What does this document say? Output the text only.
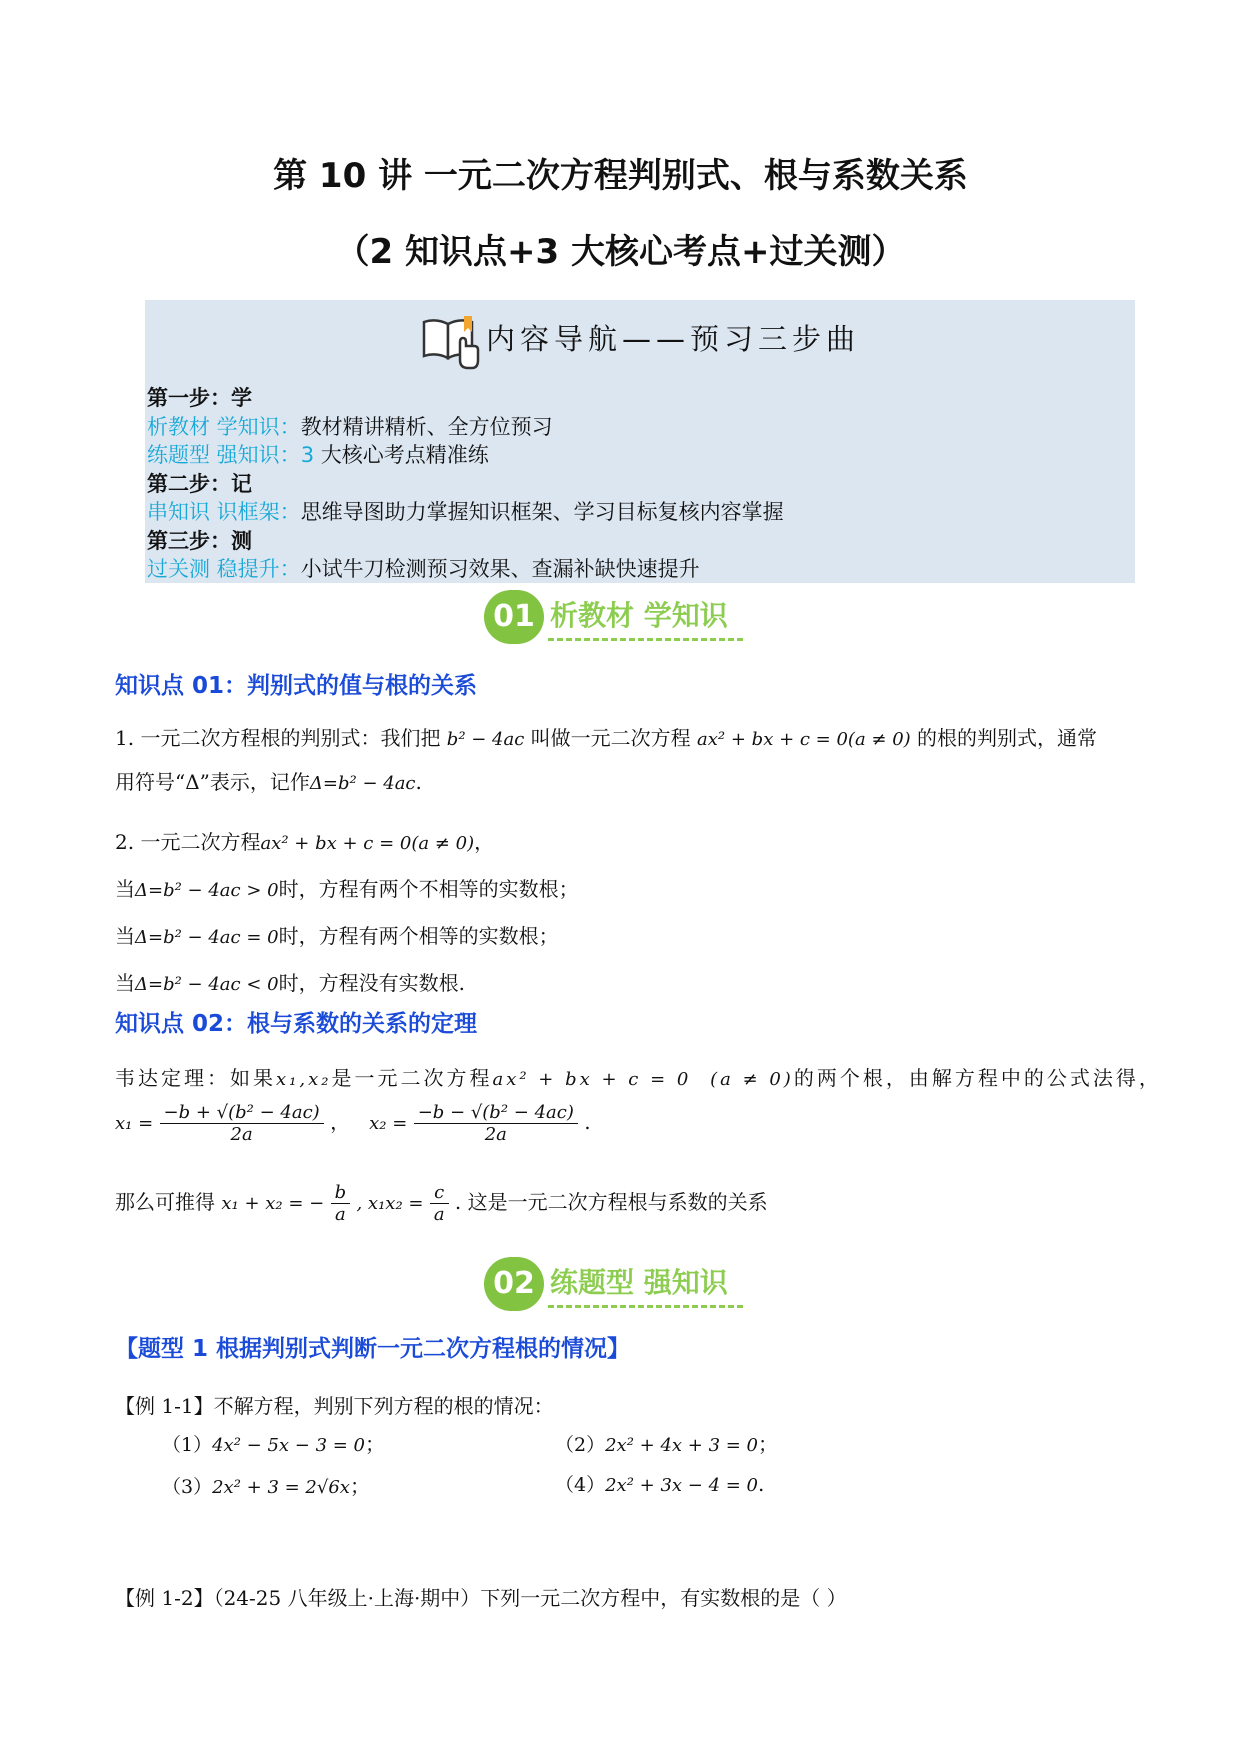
第 10 讲 一元二次方程判别式、根与系数关系
（2 知识点+3 大核心考点+过关测）
内容导航——预习三步曲
第一步：学
析教材 学知识：教材精讲精析、全方位预习
练题型 强知识：3 大核心考点精准练
第二步：记
串知识 识框架：思维导图助力掌握知识框架、学习目标复核内容掌握
第三步：测
过关测 稳提升：小试牛刀检测预习效果、查漏补缺快速提升
01 析教材 学知识
知识点 01：判别式的值与根的关系
1. 一元二次方程根的判别式：我们把 b² − 4ac 叫做一元二次方程 ax² + bx + c = 0(a ≠ 0) 的根的判别式，通常
用符号“Δ”表示，记作Δ=b² − 4ac.
2. 一元二次方程ax² + bx + c = 0(a ≠ 0)，
当Δ=b² − 4ac > 0时，方程有两个不相等的实数根；
当Δ=b² − 4ac = 0时，方程有两个相等的实数根；
当Δ=b² − 4ac < 0时，方程没有实数根.
知识点 02：根与系数的关系的定理
韦达定理：如果x₁,x₂是一元二次方程ax² + bx + c = 0 (a ≠ 0)的两个根，由解方程中的公式法得，
$x_1 = \frac{\text{−b + √(b² − 4ac)}}{2a}$ ， $x_2 = \frac{\text{−b − √(b² − 4ac)}}{2a}$ .
那么可推得 x₁ + x₂ = − $\frac{b}{a}$ , $x_1x_2 = \frac{c}{a}$ . 这是一元二次方程根与系数的关系
02 练题型 强知识
【题型 1 根据判别式判断一元二次方程根的情况】
【例 1-1】不解方程，判别下列方程的根的情况：
（1）4x² − 5x − 3 = 0；	（2）2x² + 4x + 3 = 0；
（3）2x² + 3 = 2√6x；	（4）2x² + 3x − 4 = 0.
【例 1-2】（24-25 八年级上·上海·期中）下列一元二次方程中，有实数根的是（ ）
